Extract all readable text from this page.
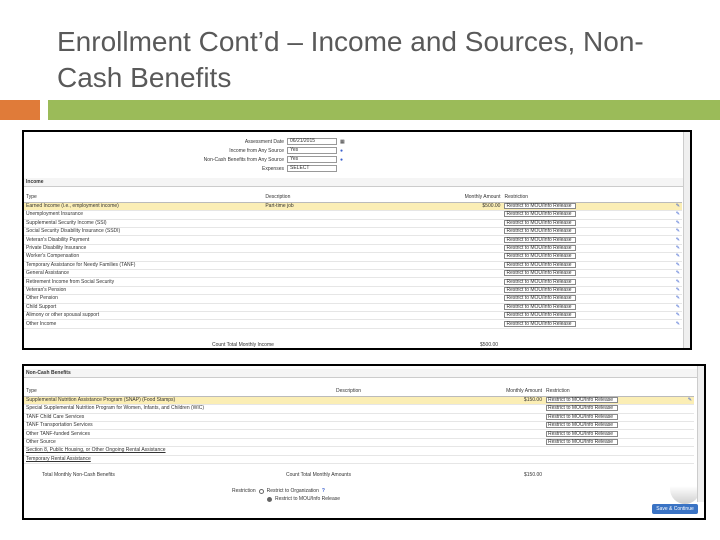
Enrollment Cont’d – Income and Sources, Non-Cash Benefits
Assessment Date	06/21/2015	▦
Income from Any Source	Yes	●
Non-Cash Benefits from Any Source	Yes	●
Expenses	SELECT
Income
Type	Description	Monthly Amount	Restriction	
Earned Income (i.e., employment income)	Part-time job	$500.00	Restrict to MOU/Info Release	✎
Unemployment Insurance			Restrict to MOU/Info Release	✎
Supplemental Security Income (SSI)			Restrict to MOU/Info Release	✎
Social Security Disability Insurance (SSDI)			Restrict to MOU/Info Release	✎
Veteran's Disability Payment			Restrict to MOU/Info Release	✎
Private Disability Insurance			Restrict to MOU/Info Release	✎
Worker's Compensation			Restrict to MOU/Info Release	✎
Temporary Assistance for Needy Families (TANF)			Restrict to MOU/Info Release	✎
General Assistance			Restrict to MOU/Info Release	✎
Retirement Income from Social Security			Restrict to MOU/Info Release	✎
Veteran's Pension			Restrict to MOU/Info Release	✎
Other Pension			Restrict to MOU/Info Release	✎
Child Support			Restrict to MOU/Info Release	✎
Alimony or other spousal support			Restrict to MOU/Info Release	✎
Other Income			Restrict to MOU/Info Release	✎
Count Total Monthly Income	$500.00
Non-Cash Benefits
Type	Description	Monthly Amount	Restriction	
Supplemental Nutrition Assistance Program (SNAP) (Food Stamps)		$150.00	Restrict to MOU/Info Release	✎
Special Supplemental Nutrition Program for Women, Infants, and Children (WIC)			Restrict to MOU/Info Release	
TANF Child Care Services			Restrict to MOU/Info Release	
TANF Transportation Services			Restrict to MOU/Info Release	
Other TANF-funded Services			Restrict to MOU/Info Release	
Other Source			Restrict to MOU/Info Release	
Section 8, Public Housing, or Other Ongoing Rental Assistance				
Temporary Rental Assistance				
Count Total Monthly Amounts
Total Monthly Non-Cash Benefits	$150.00
Restriction Restrict to Organization ?
Restrict to MOU/Info Release
Save & Continue
